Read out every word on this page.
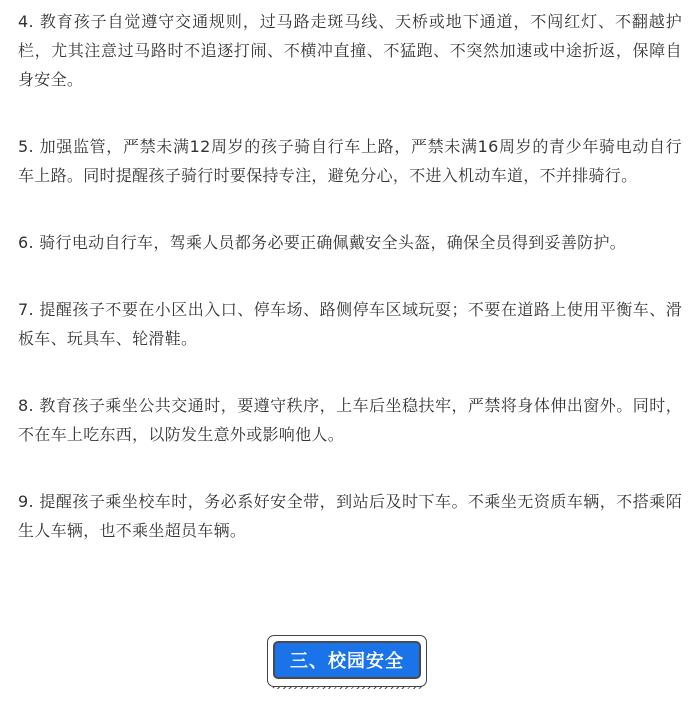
4. 教育孩子自觉遵守交通规则，过马路走斑马线、天桥或地下通道，不闯红灯、不翻越护栏，尤其注意过马路时不追逐打闹、不横冲直撞、不猛跑、不突然加速或中途折返，保障自身安全。

5. 加强监管，严禁未满12周岁的孩子骑自行车上路，严禁未满16周岁的青少年骑电动自行车上路。同时提醒孩子骑行时要保持专注，避免分心，不进入机动车道，不并排骑行。

6. 骑行电动自行车，驾乘人员都务必要正确佩戴安全头盔，确保全员得到妥善防护。

7. 提醒孩子不要在小区出入口、停车场、路侧停车区域玩耍；不要在道路上使用平衡车、滑板车、玩具车、轮滑鞋。

8. 教育孩子乘坐公共交通时，要遵守秩序，上车后坐稳扶牢，严禁将身体伸出窗外。同时，不在车上吃东西，以防发生意外或影响他人。

9. 提醒孩子乘坐校车时，务必系好安全带，到站后及时下车。不乘坐无资质车辆，不搭乘陌生人车辆，也不乘坐超员车辆。

三、校园安全
